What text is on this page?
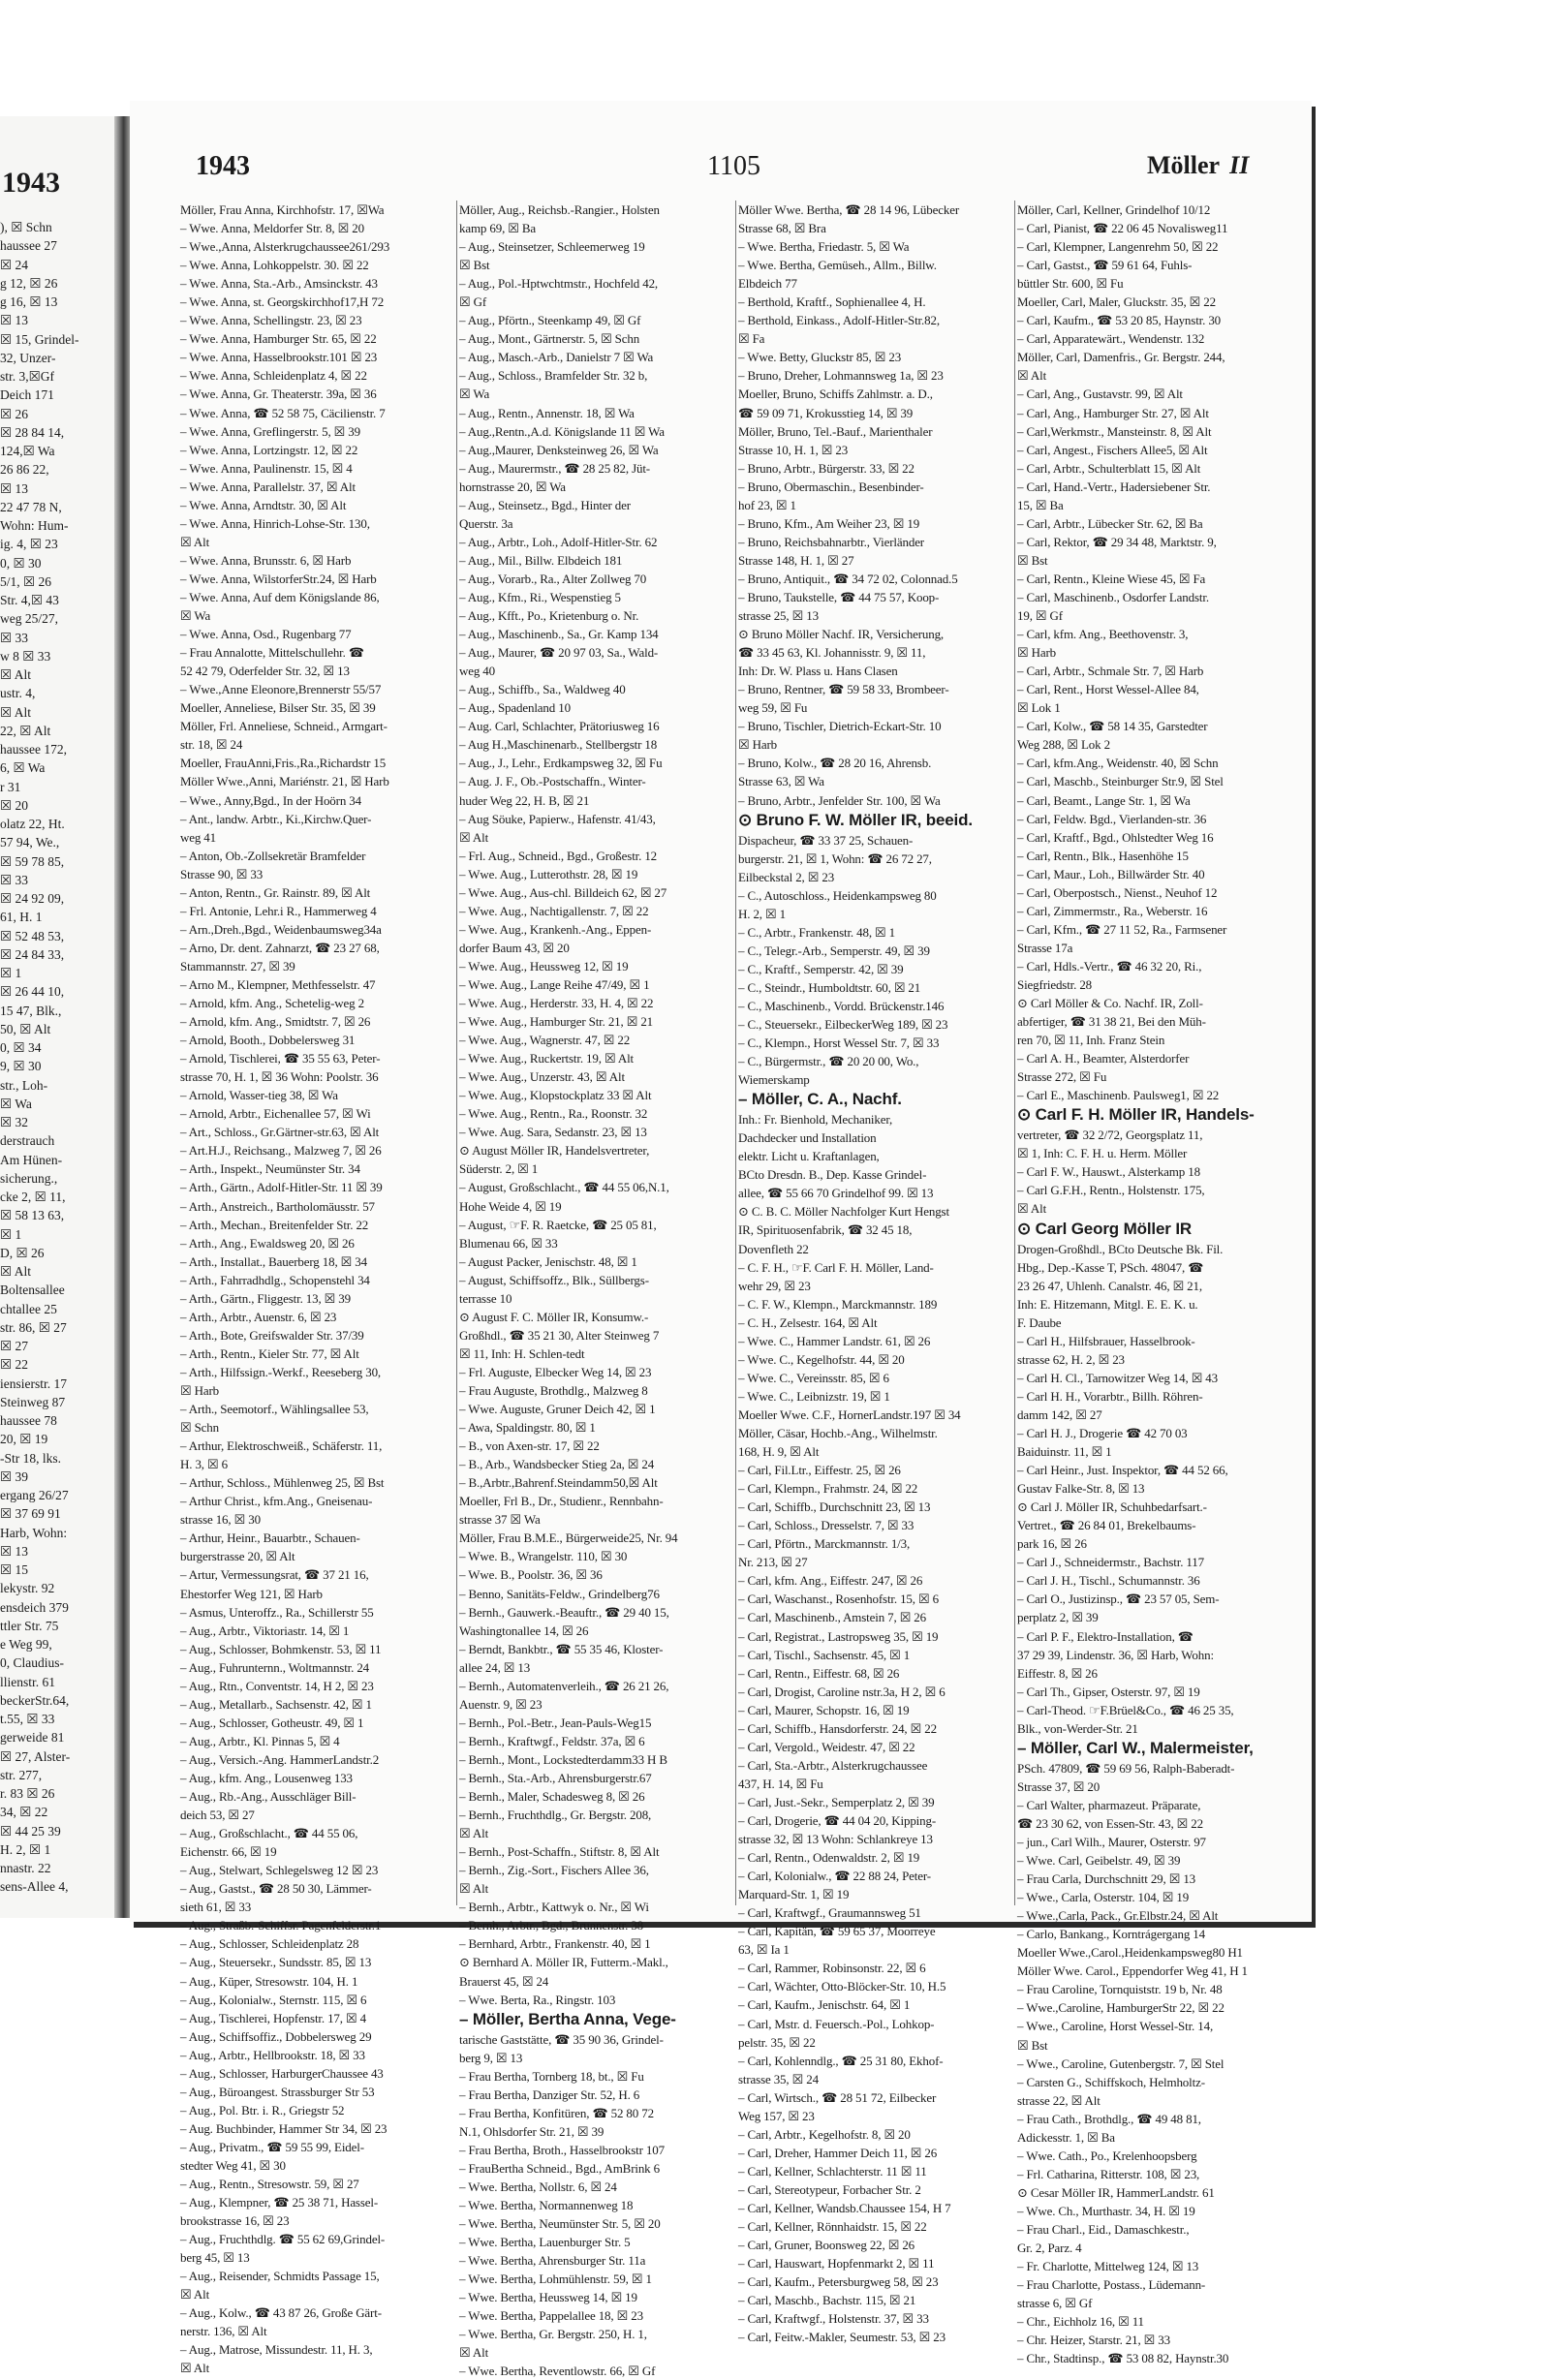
1943
), ☒ Schn
haussee 27
☒ 24
g 12, ☒ 26
g 16, ☒ 13
☒ 13
☒ 15, Grindel-
32, Unzer-
str. 3,☒Gf
Deich 171
☒ 26
☒ 28 84 14,
124,☒ Wa
26 86 22,
☒ 13
22 47 78 N,
Wohn: Hum-
ig. 4, ☒ 23
0, ☒ 30
5/1, ☒ 26
Str. 4,☒ 43
weg 25/27,
☒ 33
w 8 ☒ 33
☒ Alt
ustr. 4,
☒ Alt
22, ☒ Alt
haussee 172,
6, ☒ Wa
r 31
☒ 20
olatz 22, Ht.
57 94, We.,
☒ 59 78 85,
☒ 33
☒ 24 92 09,
61, H. 1
☒ 52 48 53,
☒ 24 84 33,
☒ 1
☒ 26 44 10,
15 47, Blk.,
50, ☒ Alt
0, ☒ 34
9, ☒ 30
str., Loh-
☒ Wa
☒ 32
derstrauch
Am Hünen-
sicherung.,
cke 2, ☒ 11,
☒ 58 13 63,
☒ 1
D, ☒ 26
☒ Alt
Boltensallee
chtallee 25
str. 86, ☒ 27
☒ 27
☒ 22
iensierstr. 17
Steinweg 87
haussee 78
20, ☒ 19
-Str 18, lks.
☒ 39
ergang 26/27
☒ 37 69 91
Harb, Wohn:
☒ 13
☒ 15
lekystr. 92
ensdeich 379
ttler Str. 75
e Weg 99,
0, Claudius-
llienstr. 61
beckerStr.64,
t.55, ☒ 33
gerweide 81
☒ 27, Alster-
str. 277,
r. 83 ☒ 26
34, ☒ 22
☒ 44 25 39
H. 2, ☒ 1
nnastr. 22
sens-Allee 4,
1943	1105	Möller II
Möller, Frau Anna, Kirchhofstr. 17, ☒Wa
– Wwe. Anna, Meldorfer Str. 8, ☒ 20
– Wwe.,Anna, Alsterkrugchaussee261/293
– Wwe. Anna, Lohkoppelstr. 30. ☒ 22
– Wwe. Anna, Sta.-Arb., Amsinckstr. 43
– Wwe. Anna, st. Georgskirchhof17,H 72
– Wwe. Anna, Schellingstr. 23, ☒ 23
– Wwe. Anna, Hamburger Str. 65, ☒ 22
– Wwe. Anna, Hasselbrookstr.101 ☒ 23
– Wwe. Anna, Schleidenplatz 4, ☒ 22
– Wwe. Anna, Gr. Theaterstr. 39a, ☒ 36
– Wwe. Anna, ☎ 52 58 75, Cäcilienstr. 7
– Wwe. Anna, Greflingerstr. 5, ☒ 39
– Wwe. Anna, Lortzingstr. 12, ☒ 22
– Wwe. Anna, Paulinenstr. 15, ☒ 4
– Wwe. Anna, Parallelstr. 37, ☒ Alt
– Wwe. Anna, Arndtstr. 30, ☒ Alt
– Wwe. Anna, Hinrich-Lohse-Str. 130,
☒ Alt
– Wwe. Anna, Brunsstr. 6, ☒ Harb
– Wwe. Anna, WilstorferStr.24, ☒ Harb
– Wwe. Anna, Auf dem Königslande 86,
☒ Wa
– Wwe. Anna, Osd., Rugenbarg 77
– Frau Annalotte, Mittelschullehr. ☎
52 42 79, Oderfelder Str. 32, ☒ 13
– Wwe.,Anne Eleonore,Brennerstr 55/57
Moeller, Anneliese, Bilser Str. 35, ☒ 39
Möller, Frl. Anneliese, Schneid., Armgart-
str. 18, ☒ 24
Moeller, FrauAnni,Fris.,Ra.,Richardstr 15
Möller Wwe.,Anni, Mariénstr. 21, ☒ Harb
– Wwe., Anny,Bgd., In der Hoörn 34
– Ant., landw. Arbtr., Ki.,Kirchw.Quer-
weg 41
– Anton, Ob.-Zollsekretär Bramfelder
Strasse 90, ☒ 33
– Anton, Rentn., Gr. Rainstr. 89, ☒ Alt
– Frl. Antonie, Lehr.i R., Hammerweg 4
– Arn.,Dreh.,Bgd., Weidenbaumsweg34a
– Arno, Dr. dent. Zahnarzt, ☎ 23 27 68,
Stammannstr. 27, ☒ 39
– Arno M., Klempner, Methfesselstr. 47
– Arnold, kfm. Ang., Schetelig-weg 2
– Arnold, kfm. Ang., Smidtstr. 7, ☒ 26
– Arnold, Booth., Dobbelersweg 31
– Arnold, Tischlerei, ☎ 35 55 63, Peter-
strasse 70, H. 1, ☒ 36 Wohn: Poolstr. 36
– Arnold, Wasser-tieg 38, ☒ Wa
– Arnold, Arbtr., Eichenallee 57, ☒ Wi
– Art., Schloss., Gr.Gärtner-str.63, ☒ Alt
– Art.H.J., Reichsang., Malzweg 7, ☒ 26
– Arth., Inspekt., Neumünster Str. 34
– Arth., Gärtn., Adolf-Hitler-Str. 11 ☒ 39
– Arth., Anstreich., Bartholomäusstr. 57
– Arth., Mechan., Breitenfelder Str. 22
– Arth., Ang., Ewaldsweg 20, ☒ 26
– Arth., Installat., Bauerberg 18, ☒ 34
– Arth., Fahrradhdlg., Schopenstehl 34
– Arth., Gärtn., Fliggestr. 13, ☒ 39
– Arth., Arbtr., Auenstr. 6, ☒ 23
– Arth., Bote, Greifswalder Str. 37/39
– Arth., Rentn., Kieler Str. 77, ☒ Alt
– Arth., Hilfssign.-Werkf., Reeseberg 30,
☒ Harb
– Arth., Seemotorf., Wählingsallee 53,
☒ Schn
– Arthur, Elektroschweiß., Schäferstr. 11,
H. 3, ☒ 6
– Arthur, Schloss., Mühlenweg 25, ☒ Bst
– Arthur Christ., kfm.Ang., Gneisenau-
strasse 16, ☒ 30
– Arthur, Heinr., Bauarbtr., Schauen-
burgerstrasse 20, ☒ Alt
– Artur, Vermessungsrat, ☎ 37 21 16,
Ehestorfer Weg 121, ☒ Harb
– Asmus, Unteroffz., Ra., Schillerstr 55
– Aug., Arbtr., Viktoriastr. 14, ☒ 1
– Aug., Schlosser, Bohmkenstr. 53, ☒ 11
– Aug., Fuhrunternn., Woltmannstr. 24
– Aug., Rtn., Conventstr. 14, H 2, ☒ 23
– Aug., Metallarb., Sachsenstr. 42, ☒ 1
– Aug., Schlosser, Gotheustr. 49, ☒ 1
– Aug., Arbtr., Kl. Pinnas 5, ☒ 4
– Aug., Versich.-Ang. HammerLandstr.2
– Aug., kfm. Ang., Lousenweg 133
– Aug., Rb.-Ang., Ausschläger Bill-
deich 53, ☒ 27
– Aug., Großschlacht., ☎ 44 55 06,
Eichenstr. 66, ☒ 19
– Aug., Stelwart, Schlegelsweg 12 ☒ 23
– Aug., Gastst., ☎ 28 50 30, Lämmer-
sieth 61, ☒ 33
– Aug., Straßb.-Schiffsr. Pagenfelderstr.1
– Aug., Schlosser, Schleidenplatz 28
– Aug., Steuersekr., Sundsstr. 85, ☒ 13
– Aug., Küper, Stresowstr. 104, H. 1
– Aug., Kolonialw., Sternstr. 115, ☒ 6
– Aug., Tischlerei, Hopfenstr. 17, ☒ 4
– Aug., Schiffsoffiz., Dobbelersweg 29
– Aug., Arbtr., Hellbrookstr. 18, ☒ 33
– Aug., Schlosser, HarburgerChaussee 43
– Aug., Büroangest. Strassburger Str 53
– Aug., Pol. Btr. i. R., Griegstr 52
– Aug. Buchbinder, Hammer Str 34, ☒ 23
– Aug., Privatm., ☎ 59 55 99, Eidel-
stedter Weg 41, ☒ 30
– Aug., Rentn., Stresowstr. 59, ☒ 27
– Aug., Klempner, ☎ 25 38 71, Hassel-
brookstrasse 16, ☒ 23
– Aug., Fruchthdlg. ☎ 55 62 69,Grindel-
berg 45, ☒ 13
– Aug., Reisender, Schmidts Passage 15,
☒ Alt
– Aug., Kolw., ☎ 43 87 26, Große Gärt-
nerstr. 136, ☒ Alt
– Aug., Matrose, Missundestr. 11, H. 3,
☒ Alt
Möller, Aug., Reichsb.-Rangier., Holsten
kamp 69, ☒ Ba
– Aug., Steinsetzer, Schleemerweg 19
☒ Bst
– Aug., Pol.-Hptwchtmstr., Hochfeld 42,
☒ Gf
– Aug., Pförtn., Steenkamp 49, ☒ Gf
– Aug., Mont., Gärtnerstr. 5, ☒ Schn
– Aug., Masch.-Arb., Danielstr 7 ☒ Wa
– Aug., Schloss., Bramfelder Str. 32 b,
☒ Wa
– Aug., Rentn., Annenstr. 18, ☒ Wa
– Aug.,Rentn.,A.d. Königslande 11 ☒ Wa
– Aug.,Maurer, Denksteinweg 26, ☒ Wa
– Aug., Maurermstr., ☎ 28 25 82, Jüt-
hornstrasse 20, ☒ Wa
– Aug., Steinsetz., Bgd., Hinter der
Querstr. 3a
– Aug., Arbtr., Loh., Adolf-Hitler-Str. 62
– Aug., Mil., Billw. Elbdeich 181
– Aug., Vorarb., Ra., Alter Zollweg 70
– Aug., Kfm., Ri., Wespenstieg 5
– Aug., Kfft., Po., Krietenburg o. Nr.
– Aug., Maschinenb., Sa., Gr. Kamp 134
– Aug., Maurer, ☎ 20 97 03, Sa., Wald-
weg 40
– Aug., Schiffb., Sa., Waldweg 40
– Aug., Spadenland 10
– Aug. Carl, Schlachter, Prätoriusweg 16
– Aug H.,Maschinenarb., Stellbergstr 18
– Aug., J., Lehr., Erdkampsweg 32, ☒ Fu
– Aug. J. F., Ob.-Postschaffn., Winter-
huder Weg 22, H. B, ☒ 21
– Aug Söuke, Papierw., Hafenstr. 41/43,
☒ Alt
– Frl. Aug., Schneid., Bgd., Großestr. 12
– Wwe. Aug., Lutterothstr. 28, ☒ 19
– Wwe. Aug., Aus-chl. Billdeich 62, ☒ 27
– Wwe. Aug., Nachtigallenstr. 7, ☒ 22
– Wwe. Aug., Krankenh.-Ang., Eppen-
dorfer Baum 43, ☒ 20
– Wwe. Aug., Heussweg 12, ☒ 19
– Wwe. Aug., Lange Reihe 47/49, ☒ 1
– Wwe. Aug., Herderstr. 33, H. 4, ☒ 22
– Wwe. Aug., Hamburger Str. 21, ☒ 21
– Wwe. Aug., Wagnerstr. 47, ☒ 22
– Wwe. Aug., Ruckertstr. 19, ☒ Alt
– Wwe. Aug., Unzerstr. 43, ☒ Alt
– Wwe. Aug., Klopstockplatz 33 ☒ Alt
– Wwe. Aug., Rentn., Ra., Roonstr. 32
– Wwe. Aug. Sara, Sedanstr. 23, ☒ 13
⊙ August Möller IR, Handelsvertreter,
Süderstr. 2, ☒ 1
– August, Großschlacht., ☎ 44 55 06,N.1,
Hohe Weide 4, ☒ 19
– August, ☞F. R. Raetcke, ☎ 25 05 81,
Blumenau 66, ☒ 33
– August Packer, Jenischstr. 48, ☒ 1
– August, Schiffsoffz., Blk., Süllbergs-
terrasse 10
⊙ August F. C. Möller IR, Konsumw.-
Großhdl., ☎ 35 21 30, Alter Steinweg 7
☒ 11, Inh: H. Schlen-tedt
– Frl. Auguste, Elbecker Weg 14, ☒ 23
– Frau Auguste, Brothdlg., Malzweg 8
– Wwe. Auguste, Gruner Deich 42, ☒ 1
– Awa, Spaldingstr. 80, ☒ 1
– B., von Axen-str. 17, ☒ 22
– B., Arb., Wandsbecker Stieg 2a, ☒ 24
– B.,Arbtr.,Bahrenf.Steindamm50,☒ Alt
Moeller, Frl B., Dr., Studienr., Rennbahn-
strasse 37 ☒ Wa
Möller, Frau B.M.E., Bürgerweide25, Nr. 94
– Wwe. B., Wrangelstr. 110, ☒ 30
– Wwe. B., Poolstr. 36, ☒ 36
– Benno, Sanitäts-Feldw., Grindelberg76
– Bernh., Gauwerk.-Beauftr., ☎ 29 40 15,
Washingtonallee 14, ☒ 26
– Berndt, Bankbtr., ☎ 55 35 46, Kloster-
allee 24, ☒ 13
– Bernh., Automatenverleih., ☎ 26 21 26,
Auenstr. 9, ☒ 23
– Bernh., Pol.-Betr., Jean-Pauls-Weg15
– Bernh., Kraftwgf., Feldstr. 37a, ☒ 6
– Bernh., Mont., Lockstedterdamm33 H B
– Bernh., Sta.-Arb., Ahrensburgerstr.67
– Bernh., Maler, Schadesweg 8, ☒ 26
– Bernh., Fruchthdlg., Gr. Bergstr. 208,
☒ Alt
– Bernh., Post-Schaffn., Stiftstr. 8, ☒ Alt
– Bernh., Zig.-Sort., Fischers Allee 36,
☒ Alt
– Bernh., Arbtr., Kattwyk o. Nr., ☒ Wi
– Bernh., Arbtr., Bgd., Brunnenstr. 38
– Bernhard, Arbtr., Frankenstr. 40, ☒ 1
⊙ Bernhard A. Möller IR, Futterm.-Makl.,
Brauerst 45, ☒ 24
– Wwe. Berta, Ra., Ringstr. 103
– Möller, Bertha Anna, Vege-
tarische Gaststätte, ☎ 35 90 36, Grindel-
berg 9, ☒ 13
– Frau Bertha, Tornberg 18, bt., ☒ Fu
– Frau Bertha, Danziger Str. 52, H. 6
– Frau Bertha, Konfitüren, ☎ 52 80 72
N.1, Ohlsdorfer Str. 21, ☒ 39
– Frau Bertha, Broth., Hasselbrookstr 107
– FrauBertha Schneid., Bgd., AmBrink 6
– Wwe. Bertha, Nollstr. 6, ☒ 24
– Wwe. Bertha, Normannenweg 18
– Wwe. Bertha, Neumünster Str. 5, ☒ 20
– Wwe. Bertha, Lauenburger Str. 5
– Wwe. Bertha, Ahrensburger Str. 11a
– Wwe. Bertha, Lohmühlenstr. 59, ☒ 1
– Wwe. Bertha, Heussweg 14, ☒ 19
– Wwe. Bertha, Pappelallee 18, ☒ 23
– Wwe. Bertha, Gr. Bergstr. 250, H. 1,
☒ Alt
– Wwe. Bertha, Reventlowstr. 66, ☒ Gf
Möller Wwe. Bertha, ☎ 28 14 96, Lübecker
Strasse 68, ☒ Bra
– Wwe. Bertha, Friedastr. 5, ☒ Wa
– Wwe. Bertha, Gemüseh., Allm., Billw.
Elbdeich 77
– Berthold, Kraftf., Sophienallee 4, H.
– Berthold, Einkass., Adolf-Hitler-Str.82,
☒ Fa
– Wwe. Betty, Gluckstr 85, ☒ 23
– Bruno, Dreher, Lohmannsweg 1a, ☒ 23
Moeller, Bruno, Schiffs Zahlmstr. a. D.,
☎ 59 09 71, Krokusstieg 14, ☒ 39
Möller, Bruno, Tel.-Bauf., Marienthaler
Strasse 10, H. 1, ☒ 23
– Bruno, Arbtr., Bürgerstr. 33, ☒ 22
– Bruno, Obermaschin., Besenbinder-
hof 23, ☒ 1
– Bruno, Kfm., Am Weiher 23, ☒ 19
– Bruno, Reichsbahnarbtr., Vierländer
Strasse 148, H. 1, ☒ 27
– Bruno, Antiquit., ☎ 34 72 02, Colonnad.5
– Bruno, Taukstelle, ☎ 44 75 57, Koop-
strasse 25, ☒ 13
⊙ Bruno Möller Nachf. IR, Versicherung,
☎ 33 45 63, Kl. Johannisstr. 9, ☒ 11,
Inh: Dr. W. Plass u. Hans Clasen
– Bruno, Rentner, ☎ 59 58 33, Brombeer-
weg 59, ☒ Fu
– Bruno, Tischler, Dietrich-Eckart-Str. 10
☒ Harb
– Bruno, Kolw., ☎ 28 20 16, Ahrensb.
Strasse 63, ☒ Wa
– Bruno, Arbtr., Jenfelder Str. 100, ☒ Wa
⊙ Bruno F. W. Möller IR, beeid.
Dispacheur, ☎ 33 37 25, Schauen-
burgerstr. 21, ☒ 1, Wohn: ☎ 26 72 27,
Eilbeckstal 2, ☒ 23
– C., Autoschloss., Heidenkampsweg 80
H. 2, ☒ 1
– C., Arbtr., Frankenstr. 48, ☒ 1
– C., Telegr.-Arb., Semperstr. 49, ☒ 39
– C., Kraftf., Semperstr. 42, ☒ 39
– C., Steindr., Humboldtstr. 60, ☒ 21
– C., Maschinenb., Vordd. Brückenstr.146
– C., Steuersekr., EilbeckerWeg 189, ☒ 23
– C., Klempn., Horst Wessel Str. 7, ☒ 33
– C., Bürgermstr., ☎ 20 20 00, Wo.,
Wiemerskamp
– Möller, C. A., Nachf.
Inh.: Fr. Bienhold, Mechaniker,
Dachdecker und Installation
elektr. Licht u. Kraftanlagen,
BCto Dresdn. B., Dep. Kasse Grindel-
allee, ☎ 55 66 70 Grindelhof 99. ☒ 13
⊙ C. B. C. Möller Nachfolger Kurt Hengst
IR, Spirituosenfabrik, ☎ 32 45 18,
Dovenfleth 22
– C. F. H., ☞F. Carl F. H. Möller, Land-
wehr 29, ☒ 23
– C. F. W., Klempn., Marckmannstr. 189
– C. H., Zelsestr. 164, ☒ Alt
– Wwe. C., Hammer Landstr. 61, ☒ 26
– Wwe. C., Kegelhofstr. 44, ☒ 20
– Wwe. C., Vereinsstr. 85, ☒ 6
– Wwe. C., Leibnizstr. 19, ☒ 1
Moeller Wwe. C.F., HornerLandstr.197 ☒ 34
Möller, Cäsar, Hochb.-Ang., Wilhelmstr.
168, H. 9, ☒ Alt
– Carl, Fil.Ltr., Eiffestr. 25, ☒ 26
– Carl, Klempn., Frahmstr. 24, ☒ 22
– Carl, Schiffb., Durchschnitt 23, ☒ 13
– Carl, Schloss., Dresselstr. 7, ☒ 33
– Carl, Pförtn., Marckmannstr. 1/3,
Nr. 213, ☒ 27
– Carl, kfm. Ang., Eiffestr. 247, ☒ 26
– Carl, Waschanst., Rosenhofstr. 15, ☒ 6
– Carl, Maschinenb., Amstein 7, ☒ 26
– Carl, Registrat., Lastropsweg 35, ☒ 19
– Carl, Tischl., Sachsenstr. 45, ☒ 1
– Carl, Rentn., Eiffestr. 68, ☒ 26
– Carl, Drogist, Caroline nstr.3a, H 2, ☒ 6
– Carl, Maurer, Schopstr. 16, ☒ 19
– Carl, Schiffb., Hansdorferstr. 24, ☒ 22
– Carl, Vergold., Weidestr. 47, ☒ 22
– Carl, Sta.-Arbtr., Alsterkrugchaussee
437, H. 14, ☒ Fu
– Carl, Just.-Sekr., Semperplatz 2, ☒ 39
– Carl, Drogerie, ☎ 44 04 20, Kipping-
strasse 32, ☒ 13 Wohn: Schlankreye 13
– Carl, Rentn., Odenwaldstr. 2, ☒ 19
– Carl, Kolonialw., ☎ 22 88 24, Peter-
Marquard-Str. 1, ☒ 19
– Carl, Kraftwgf., Graumannsweg 51
– Carl, Kapitän, ☎ 59 65 37, Moorreye
63, ☒ Ia 1
– Carl, Rammer, Robinsonstr. 22, ☒ 6
– Carl, Wächter, Otto-Blöcker-Str. 10, H.5
– Carl, Kaufm., Jenischstr. 64, ☒ 1
– Carl, Mstr. d. Feuersch.-Pol., Lohkop-
pelstr. 35, ☒ 22
– Carl, Kohlenndlg., ☎ 25 31 80, Ekhof-
strasse 35, ☒ 24
– Carl, Wirtsch., ☎ 28 51 72, Eilbecker
Weg 157, ☒ 23
– Carl, Arbtr., Kegelhofstr. 8, ☒ 20
– Carl, Dreher, Hammer Deich 11, ☒ 26
– Carl, Kellner, Schlachterstr. 11 ☒ 11
– Carl, Stereotypeur, Forbacher Str. 2
– Carl, Kellner, Wandsb.Chaussee 154, H 7
– Carl, Kellner, Rönnhaidstr. 15, ☒ 22
– Carl, Gruner, Boonsweg 22, ☒ 26
– Carl, Hauswart, Hopfenmarkt 2, ☒ 11
– Carl, Kaufm., Petersburgweg 58, ☒ 23
– Carl, Maschb., Bachstr. 115, ☒ 21
– Carl, Kraftwgf., Holstenstr. 37, ☒ 33
– Carl, Feitw.-Makler, Seumestr. 53, ☒ 23
Möller, Carl, Kellner, Grindelhof 10/12
– Carl, Pianist, ☎ 22 06 45 Novalisweg11
– Carl, Klempner, Langenrehm 50, ☒ 22
– Carl, Gastst., ☎ 59 61 64, Fuhls-
büttler Str. 600, ☒ Fu
Moeller, Carl, Maler, Gluckstr. 35, ☒ 22
– Carl, Kaufm., ☎ 53 20 85, Haynstr. 30
– Carl, Apparatewärt., Wendenstr. 132
Möller, Carl, Damenfris., Gr. Bergstr. 244,
☒ Alt
– Carl, Ang., Gustavstr. 99, ☒ Alt
– Carl, Ang., Hamburger Str. 27, ☒ Alt
– Carl,Werkmstr., Mansteinstr. 8, ☒ Alt
– Carl, Angest., Fischers Allee5, ☒ Alt
– Carl, Arbtr., Schulterblatt 15, ☒ Alt
– Carl, Hand.-Vertr., Hadersiebener Str.
15, ☒ Ba
– Carl, Arbtr., Lübecker Str. 62, ☒ Ba
– Carl, Rektor, ☎ 29 34 48, Marktstr. 9,
☒ Bst
– Carl, Rentn., Kleine Wiese 45, ☒ Fa
– Carl, Maschinenb., Osdorfer Landstr.
19, ☒ Gf
– Carl, kfm. Ang., Beethovenstr. 3,
☒ Harb
– Carl, Arbtr., Schmale Str. 7, ☒ Harb
– Carl, Rent., Horst Wessel-Allee 84,
☒ Lok 1
– Carl, Kolw., ☎ 58 14 35, Garstedter
Weg 288, ☒ Lok 2
– Carl, kfm.Ang., Weidenstr. 40, ☒ Schn
– Carl, Maschb., Steinburger Str.9, ☒ Stel
– Carl, Beamt., Lange Str. 1, ☒ Wa
– Carl, Feldw. Bgd., Vierlanden-str. 36
– Carl, Kraftf., Bgd., Ohlstedter Weg 16
– Carl, Rentn., Blk., Hasenhöhe 15
– Carl, Maur., Loh., Billwärder Str. 40
– Carl, Oberpostsch., Nienst., Neuhof 12
– Carl, Zimmermstr., Ra., Weberstr. 16
– Carl, Kfm., ☎ 27 11 52, Ra., Farmsener
Strasse 17a
– Carl, Hdls.-Vertr., ☎ 46 32 20, Ri.,
Siegfriedstr. 28
⊙ Carl Möller & Co. Nachf. IR, Zoll-
abfertiger, ☎ 31 38 21, Bei den Müh-
ren 70, ☒ 11, Inh. Franz Stein
– Carl A. H., Beamter, Alsterdorfer
Strasse 272, ☒ Fu
– Carl E., Maschinenb. Paulsweg1, ☒ 22
⊙ Carl F. H. Möller IR, Handels-
vertreter, ☎ 32 2/72, Georgsplatz 11,
☒ 1, Inh: C. F. H. u. Herm. Möller
– Carl F. W., Hauswt., Alsterkamp 18
– Carl G.F.H., Rentn., Holstenstr. 175,
☒ Alt
⊙ Carl Georg Möller IR
Drogen-Großhdl., BCto Deutsche Bk. Fil.
Hbg., Dep.-Kasse T, PSch. 48047, ☎
23 26 47, Uhlenh. Canalstr. 46, ☒ 21,
Inh: E. Hitzemann, Mitgl. E. E. K. u.
F. Daube
– Carl H., Hilfsbrauer, Hasselbrook-
strasse 62, H. 2, ☒ 23
– Carl H. Cl., Tarnowitzer Weg 14, ☒ 43
– Carl H. H., Vorarbtr., Billh. Röhren-
damm 142, ☒ 27
– Carl H. J., Drogerie ☎ 42 70 03
Baiduinstr. 11, ☒ 1
– Carl Heinr., Just. Inspektor, ☎ 44 52 66,
Gustav Falke-Str. 8, ☒ 13
⊙ Carl J. Möller IR, Schuhbedarfsart.-
Vertret., ☎ 26 84 01, Brekelbaums-
park 16, ☒ 26
– Carl J., Schneidermstr., Bachstr. 117
– Carl J. H., Tischl., Schumannstr. 36
– Carl O., Justizinsp., ☎ 23 57 05, Sem-
perplatz 2, ☒ 39
– Carl P. F., Elektro-Installation, ☎
37 29 39, Lindenstr. 36, ☒ Harb, Wohn:
Eiffestr. 8, ☒ 26
– Carl Th., Gipser, Osterstr. 97, ☒ 19
– Carl-Theod. ☞F.Brüel&Co., ☎ 46 25 35,
Blk., von-Werder-Str. 21
– Möller, Carl W., Malermeister,
PSch. 47809, ☎ 59 69 56, Ralph-Baberadt-
Strasse 37, ☒ 20
– Carl Walter, pharmazeut. Präparate,
☎ 23 30 62, von Essen-Str. 43, ☒ 22
– jun., Carl Wilh., Maurer, Osterstr. 97
– Wwe. Carl, Geibelstr. 49, ☒ 39
– Frau Carla, Durchschnitt 29, ☒ 13
– Wwe., Carla, Osterstr. 104, ☒ 19
– Wwe.,Carla, Pack., Gr.Elbstr.24, ☒ Alt
– Carlo, Bankang., Korntrágergang 14
Moeller Wwe.,Carol.,Heidenkampsweg80 H1
Möller Wwe. Carol., Eppendorfer Weg 41, H 1
– Frau Caroline, Tornquiststr. 19 b, Nr. 48
– Wwe.,Caroline, HamburgerStr 22, ☒ 22
– Wwe., Caroline, Horst Wessel-Str. 14,
☒ Bst
– Wwe., Caroline, Gutenbergstr. 7, ☒ Stel
– Carsten G., Schiffskoch, Helmholtz-
strasse 22, ☒ Alt
– Frau Cath., Brothdlg., ☎ 49 48 81,
Adickesstr. 1, ☒ Ba
– Wwe. Cath., Po., Krelenhoopsberg
– Frl. Catharina, Ritterstr. 108, ☒ 23,
⊙ Cesar Möller IR, HammerLandstr. 61
– Wwe. Ch., Murthastr. 34, H. ☒ 19
– Frau Charl., Eid., Damaschkestr.,
Gr. 2, Parz. 4
– Fr. Charlotte, Mittelweg 124, ☒ 13
– Frau Charlotte, Postass., Lüdemann-
strasse 6, ☒ Gf
– Chr., Eichholz 16, ☒ 11
– Chr. Heizer, Starstr. 21, ☒ 33
– Chr., Stadtinsp., ☎ 53 08 82, Haynstr.30
